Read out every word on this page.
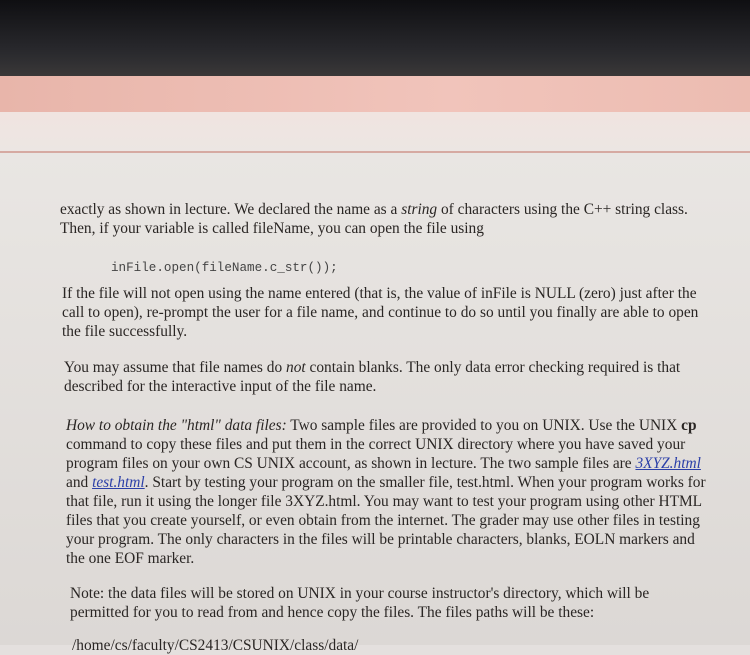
exactly as shown in lecture. We declared the name as a string of characters using the C++ string class. Then, if your variable is called fileName, you can open the file using

inFile.open(fileName.c_str());

If the file will not open using the name entered (that is, the value of inFile is NULL (zero) just after the call to open), re-prompt the user for a file name, and continue to do so until you finally are able to open the file successfully.

You may assume that file names do not contain blanks. The only data error checking required is that described for the interactive input of the file name.

How to obtain the "html" data files: Two sample files are provided to you on UNIX. Use the UNIX cp command to copy these files and put them in the correct UNIX directory where you have saved your program files on your own CS UNIX account, as shown in lecture. The two sample files are 3XYZ.html and test.html. Start by testing your program on the smaller file, test.html. When your program works for that file, run it using the longer file 3XYZ.html. You may want to test your program using other HTML files that you create yourself, or even obtain from the internet. The grader may use other files in testing your program. The only characters in the files will be printable characters, blanks, EOLN markers and the one EOF marker.

Note: the data files will be stored on UNIX in your course instructor's directory, which will be permitted for you to read from and hence copy the files. The files paths will be these:

/home/cs/faculty/CS2413/CSUNIX/class/data/
